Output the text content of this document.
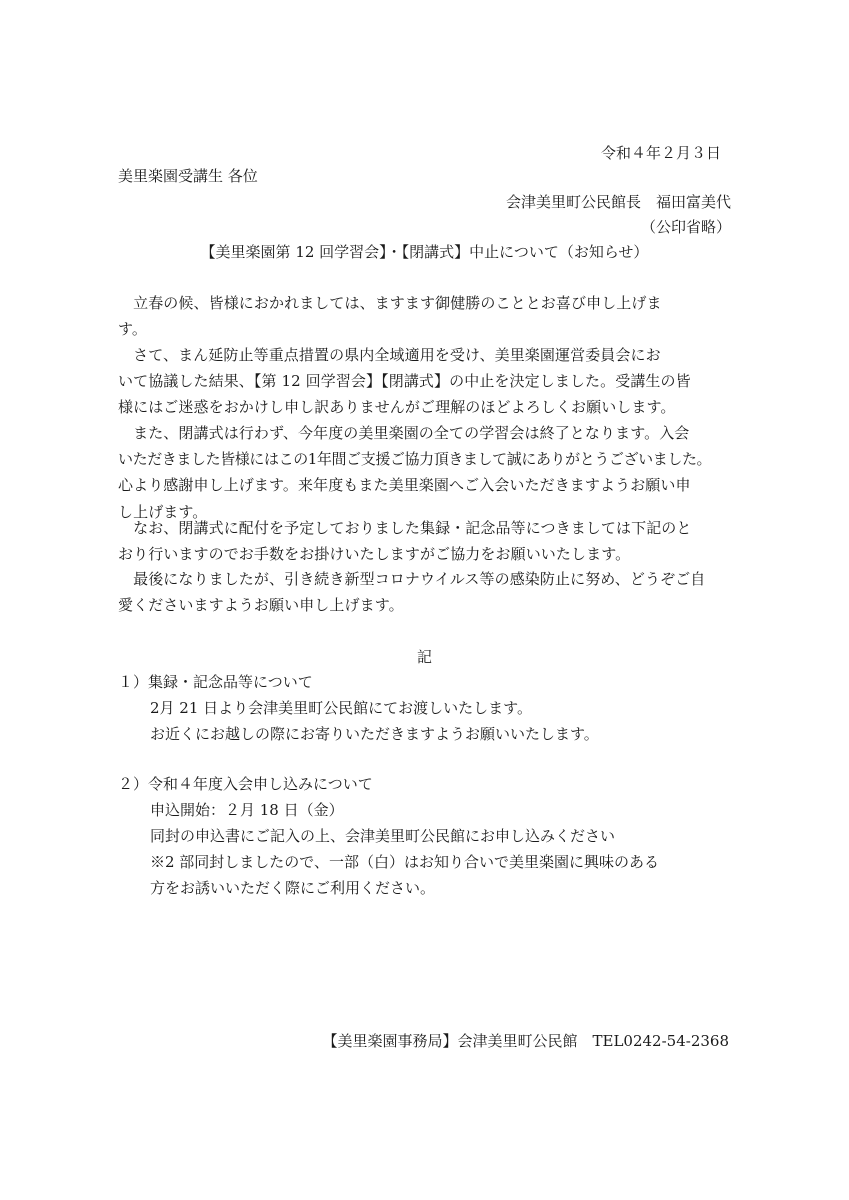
令和４年２月３日
美里楽園受講生 各位
会津美里町公民館長　福田富美代
（公印省略）
【美里楽園第 12 回学習会】・【閉講式】中止について（お知らせ）
　立春の候、皆様におかれましては、ますます御健勝のこととお喜び申し上げま
す。
　さて、まん延防止等重点措置の県内全域適用を受け、美里楽園運営委員会にお
いて協議した結果、【第 12 回学習会】【閉講式】の中止を決定しました。受講生の皆
様にはご迷惑をおかけし申し訳ありませんがご理解のほどよろしくお願いします。
　また、閉講式は行わず、今年度の美里楽園の全ての学習会は終了となります。入会
いただきました皆様にはこの1年間ご支援ご協力頂きまして誠にありがとうございました。
心より感謝申し上げます。来年度もまた美里楽園へご入会いただきますようお願い申
し上げます。
　なお、閉講式に配付を予定しておりました集録・記念品等につきましては下記のと
おり行いますのでお手数をお掛けいたしますがご協力をお願いいたします。
　最後になりましたが、引き続き新型コロナウイルス等の感染防止に努め、どうぞご自
愛くださいますようお願い申し上げます。
記
１）集録・記念品等について
2月 21 日より会津美里町公民館にてお渡しいたします。
お近くにお越しの際にお寄りいただきますようお願いいたします。
２）令和４年度入会申し込みについて
申込開始：２月 18 日（金）
同封の申込書にご記入の上、会津美里町公民館にお申し込みください
※2 部同封しましたので、一部（白）はお知り合いで美里楽園に興味のある
方をお誘いいただく際にご利用ください。
【美里楽園事務局】会津美里町公民館　TEL0242-54-2368
